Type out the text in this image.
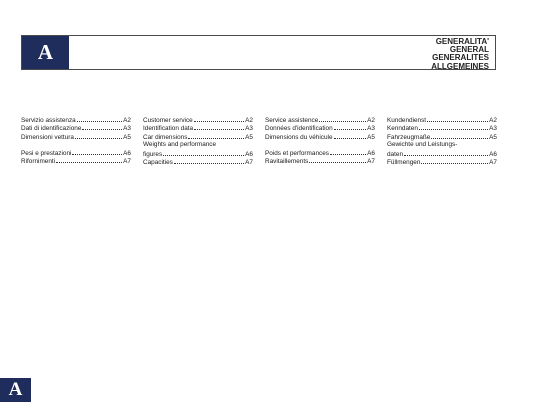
A	GENERALITA'
GENERAL
GENERALITES
ALLGEMEINES
Servizio assistenza	A2
Dati di identificazione	A3
Dimensioni vettura	A5
Pesi e prestazioni	A6
Rifornimenti	A7
Customer service	A2
Identification data	A3
Car dimensions	A5
Weights and performance
figures	A6
Capacities	A7
Service assistence	A2
Données d'identification	A3
Dimensions du véhicule	A5
Poids et performances	A6
Ravitaillements	A7
Kundendienst	A2
Kenndaten	A3
Fahrzeugmaße	A5
Gewichte und Leistungs-
daten	A6
Füllmengen	A7
A
